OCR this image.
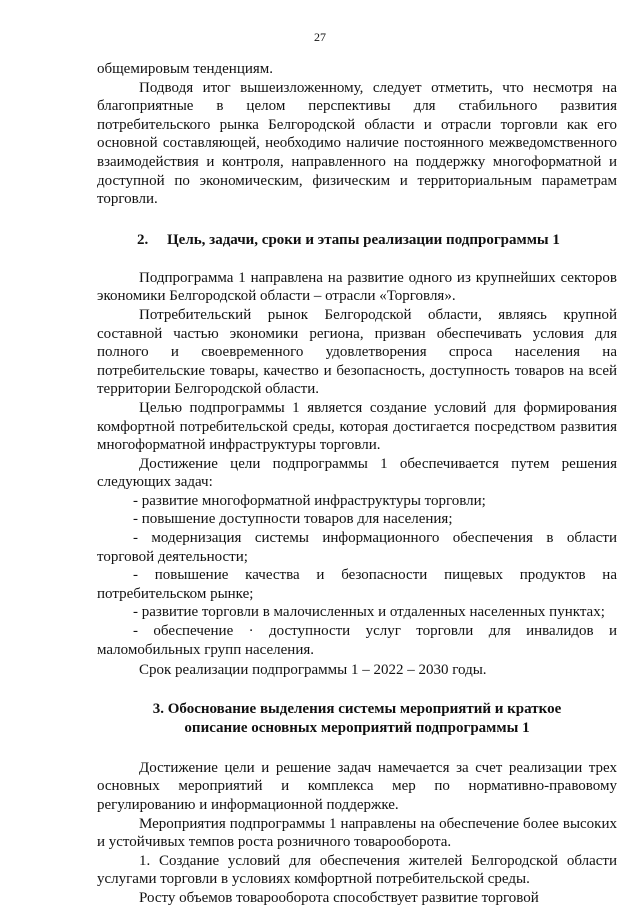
27

общемировым тенденциям.

Подводя итог вышеизложенному, следует отметить, что несмотря на благоприятные в целом перспективы для стабильного развития потребительского рынка Белгородской области и отрасли торговли как его основной составляющей, необходимо наличие постоянного межведомственного взаимодействия и контроля, направленного на поддержку многоформатной и доступной по экономическим, физическим и территориальным параметрам торговли.

2.     Цель, задачи, сроки и этапы реализации подпрограммы 1

Подпрограмма 1 направлена на развитие одного из крупнейших секторов экономики Белгородской области – отрасли «Торговля».

Потребительский рынок Белгородской области, являясь крупной составной частью экономики региона, призван обеспечивать условия для полного и своевременного удовлетворения спроса населения на потребительские товары, качество и безопасность, доступность товаров на всей территории Белгородской области.

Целью подпрограммы 1 является создание условий для формирования комфортной потребительской среды, которая достигается посредством развития многоформатной инфраструктуры торговли.

Достижение цели подпрограммы 1 обеспечивается путем решения следующих задач:

- развитие многоформатной инфраструктуры торговли;

- повышение доступности товаров для населения;

- модернизация системы информационного обеспечения в области торговой деятельности;

- повышение качества и безопасности пищевых продуктов на потребительском рынке;

- развитие торговли в малочисленных и отдаленных населенных пунктах;

- обеспечение · доступности услуг торговли для инвалидов и маломобильных групп населения.

Срок реализации подпрограммы 1 – 2022 – 2030 годы.

3. Обоснование выделения системы мероприятий и краткое
описание основных мероприятий подпрограммы 1

Достижение цели и решение задач намечается за счет реализации трех основных мероприятий и комплекса мер по нормативно-правовому регулированию и информационной поддержке.

Мероприятия подпрограммы 1 направлены на обеспечение более высоких и устойчивых темпов роста розничного товарооборота.

1. Создание условий для обеспечения жителей Белгородской области услугами торговли в условиях комфортной потребительской среды.

Росту объемов товарооборота способствует развитие торговой
